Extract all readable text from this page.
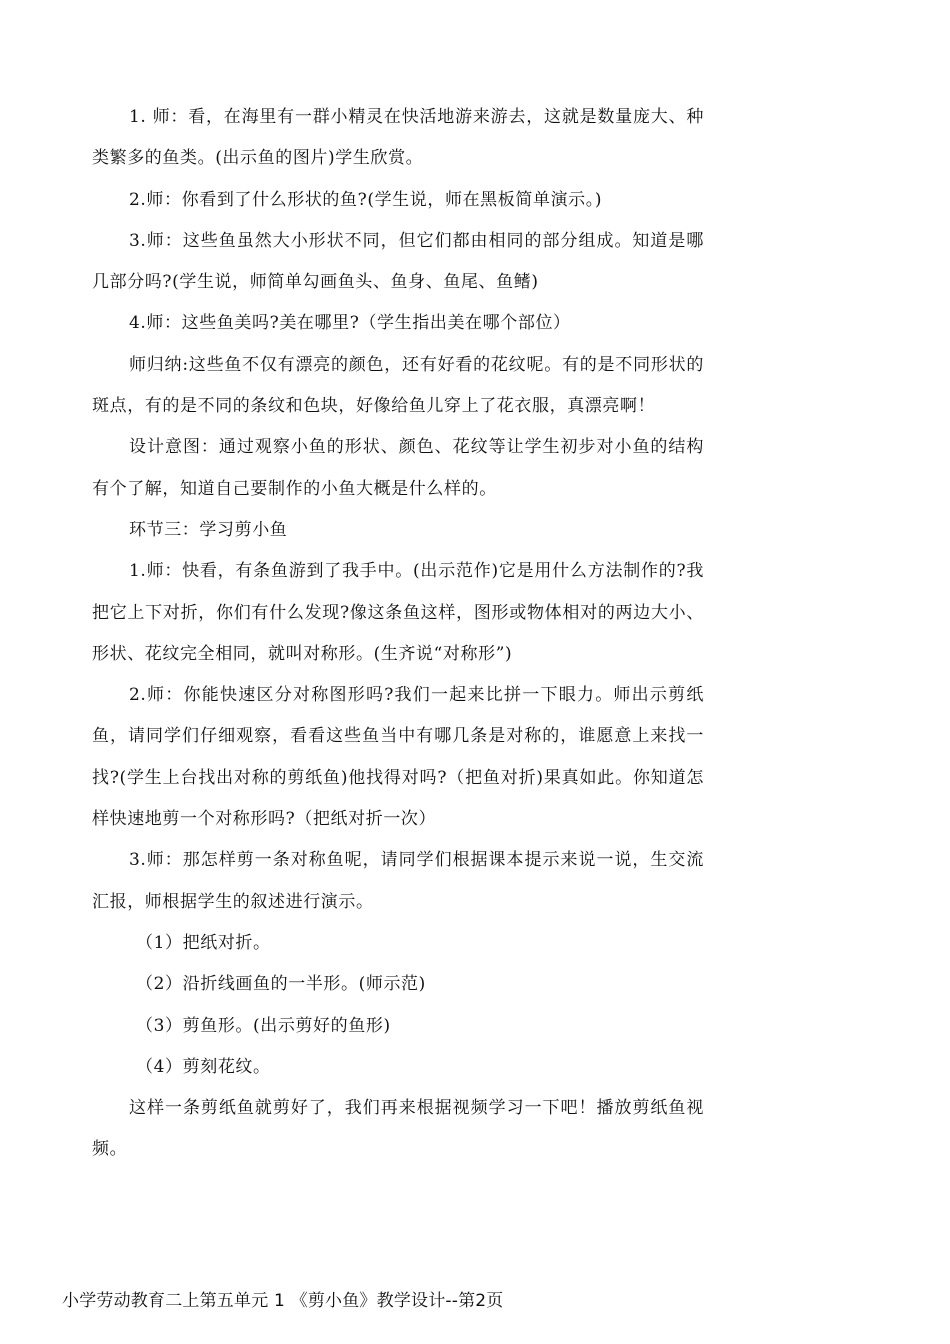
1. 师：看，在海里有一群小精灵在快活地游来游去，这就是数量庞大、种类繁多的鱼类。(出示鱼的图片)学生欣赏。

2.师：你看到了什么形状的鱼?(学生说，师在黑板简单演示。)

3.师：这些鱼虽然大小形状不同，但它们都由相同的部分组成。知道是哪几部分吗?(学生说，师简单勾画鱼头、鱼身、鱼尾、鱼鳍)

4.师：这些鱼美吗?美在哪里?（学生指出美在哪个部位）

师归纳:这些鱼不仅有漂亮的颜色，还有好看的花纹呢。有的是不同形状的斑点，有的是不同的条纹和色块，好像给鱼儿穿上了花衣服，真漂亮啊！

设计意图：通过观察小鱼的形状、颜色、花纹等让学生初步对小鱼的结构有个了解，知道自己要制作的小鱼大概是什么样的。

环节三：学习剪小鱼

1.师：快看，有条鱼游到了我手中。(出示范作)它是用什么方法制作的?我把它上下对折，你们有什么发现?像这条鱼这样，图形或物体相对的两边大小、形状、花纹完全相同，就叫对称形。(生齐说“对称形”)

2.师：你能快速区分对称图形吗?我们一起来比拼一下眼力。师出示剪纸鱼，请同学们仔细观察，看看这些鱼当中有哪几条是对称的，谁愿意上来找一找?(学生上台找出对称的剪纸鱼)他找得对吗?（把鱼对折)果真如此。你知道怎样快速地剪一个对称形吗?（把纸对折一次）

3.师：那怎样剪一条对称鱼呢，请同学们根据课本提示来说一说，生交流汇报，师根据学生的叙述进行演示。

（1）把纸对折。

（2）沿折线画鱼的一半形。(师示范)

（3）剪鱼形。(出示剪好的鱼形)

（4）剪刻花纹。

这样一条剪纸鱼就剪好了，我们再来根据视频学习一下吧！播放剪纸鱼视频。

小学劳动教育二上第五单元 1 《剪小鱼》教学设计--第2页
